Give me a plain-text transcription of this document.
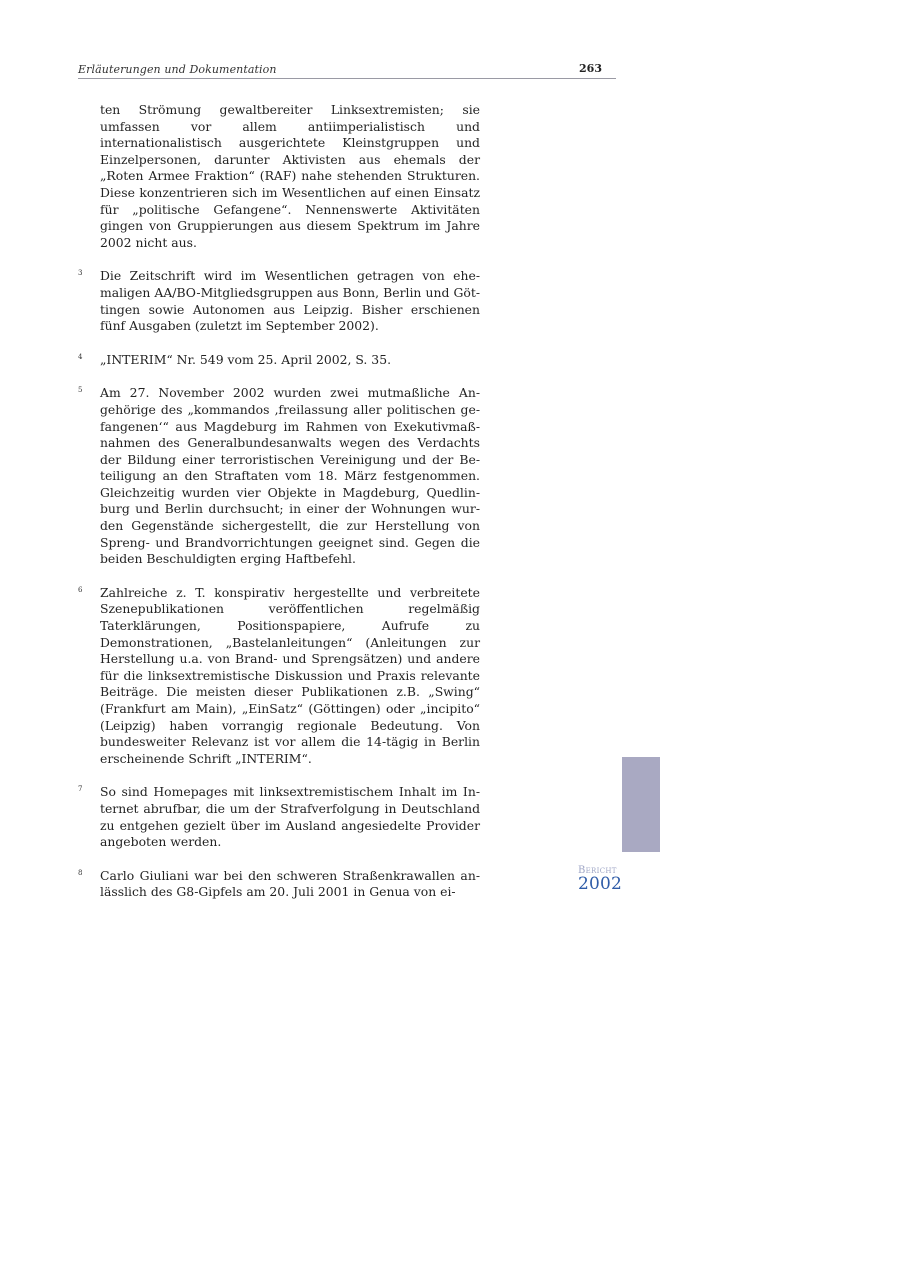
Erläuterungen und Dokumentation	263
ten Strömung gewaltbereiter Linksextremisten; sie umfassen vor allem antiimperialistisch und internationalistisch ausgerichtete Kleinstgruppen und Einzelpersonen, darunter Aktivisten aus ehemals der „Roten Armee Fraktion“ (RAF) nahe stehenden Strukturen. Diese konzentrieren sich im Wesentlichen auf einen Einsatz für „politische Gefangene“. Nennenswerte Aktivitäten gingen von Gruppierungen aus diesem Spektrum im Jahre 2002 nicht aus.
3 Die Zeitschrift wird im Wesentlichen getragen von ehemaligen AA/BO-Mitgliedsgruppen aus Bonn, Berlin und Göttingen sowie Autonomen aus Leipzig. Bisher erschienen fünf Ausgaben (zuletzt im September 2002).
4 „INTERIM“ Nr. 549 vom 25. April 2002, S. 35.
5 Am 27. November 2002 wurden zwei mutmaßliche Angehörige des „kommandos ‚freilassung aller politischen gefangenen‘“ aus Magdeburg im Rahmen von Exekutivmaßnahmen des Generalbundesanwalts wegen des Verdachts der Bildung einer terroristischen Vereinigung und der Beteiligung an den Straftaten vom 18. März festgenommen. Gleichzeitig wurden vier Objekte in Magdeburg, Quedlinburg und Berlin durchsucht; in einer der Wohnungen wurden Gegenstände sichergestellt, die zur Herstellung von Spreng- und Brandvorrichtungen geeignet sind. Gegen die beiden Beschuldigten erging Haftbefehl.
6 Zahlreiche z. T. konspirativ hergestellte und verbreitete Szenepublikationen veröffentlichen regelmäßig Taterklärungen, Positionspapiere, Aufrufe zu Demonstrationen, „Bastelanleitungen“ (Anleitungen zur Herstellung u.a. von Brand- und Sprengsätzen) und andere für die linksextremistische Diskussion und Praxis relevante Beiträge. Die meisten dieser Publikationen z.B. „Swing“ (Frankfurt am Main), „EinSatz“ (Göttingen) oder „incipito“ (Leipzig) haben vorrangig regionale Bedeutung. Von bundesweiter Relevanz ist vor allem die 14-tägig in Berlin erscheinende Schrift „INTERIM“.
7 So sind Homepages mit linksextremistischem Inhalt im Internet abrufbar, die um der Strafverfolgung in Deutschland zu entgehen gezielt über im Ausland angesiedelte Provider angeboten werden.
8 Carlo Giuliani war bei den schweren Straßenkrawallen anlässlich des G8-Gipfels am 20. Juli 2001 in Genua von ei-
Bericht
2002
